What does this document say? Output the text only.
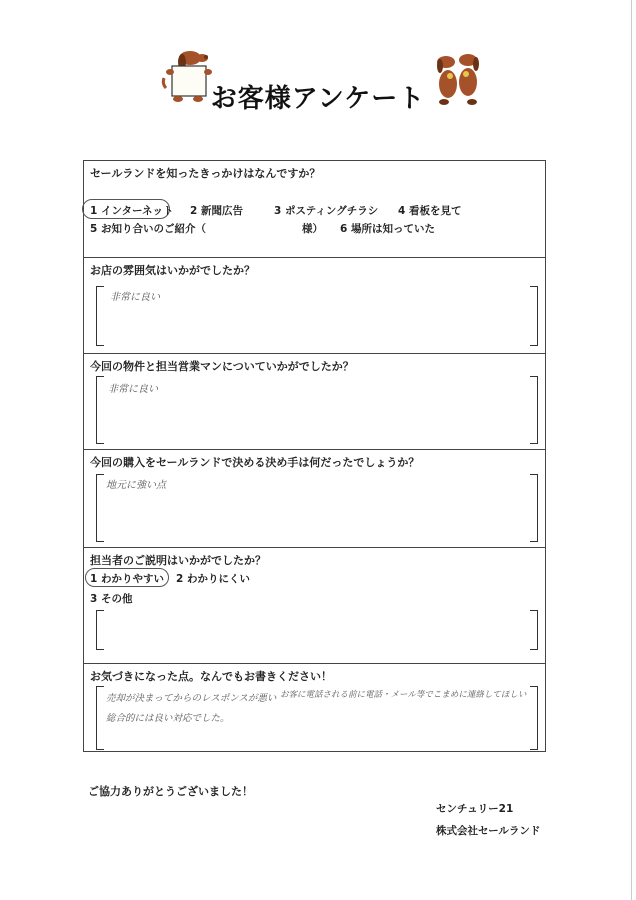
お客様アンケート
セールランドを知ったきっかけはなんですか？
1 インターネット 2 新聞広告	3 ポスティングチラシ 4 看板を見て
5 お知り合いのご紹介（	様） 6 場所は知っていた
お店の雰囲気はいかがでしたか？
非常に良い
今回の物件と担当営業マンについていかがでしたか？
非常に良い
今回の購入をセールランドで決める決め手は何だったでしょうか？
地元に強い点
担当者のご説明はいかがでしたか？
1 わかりやすい 2 わかりにくい
3 その他
お気づきになった点。なんでもお書きください！
売却が決まってからのレスポンスが悪い お客に電話される前に電話・メール等でこまめに連絡してほしい
総合的には良い対応でした。
ご協力ありがとうございました！
センチュリー21
株式会社セールランド
